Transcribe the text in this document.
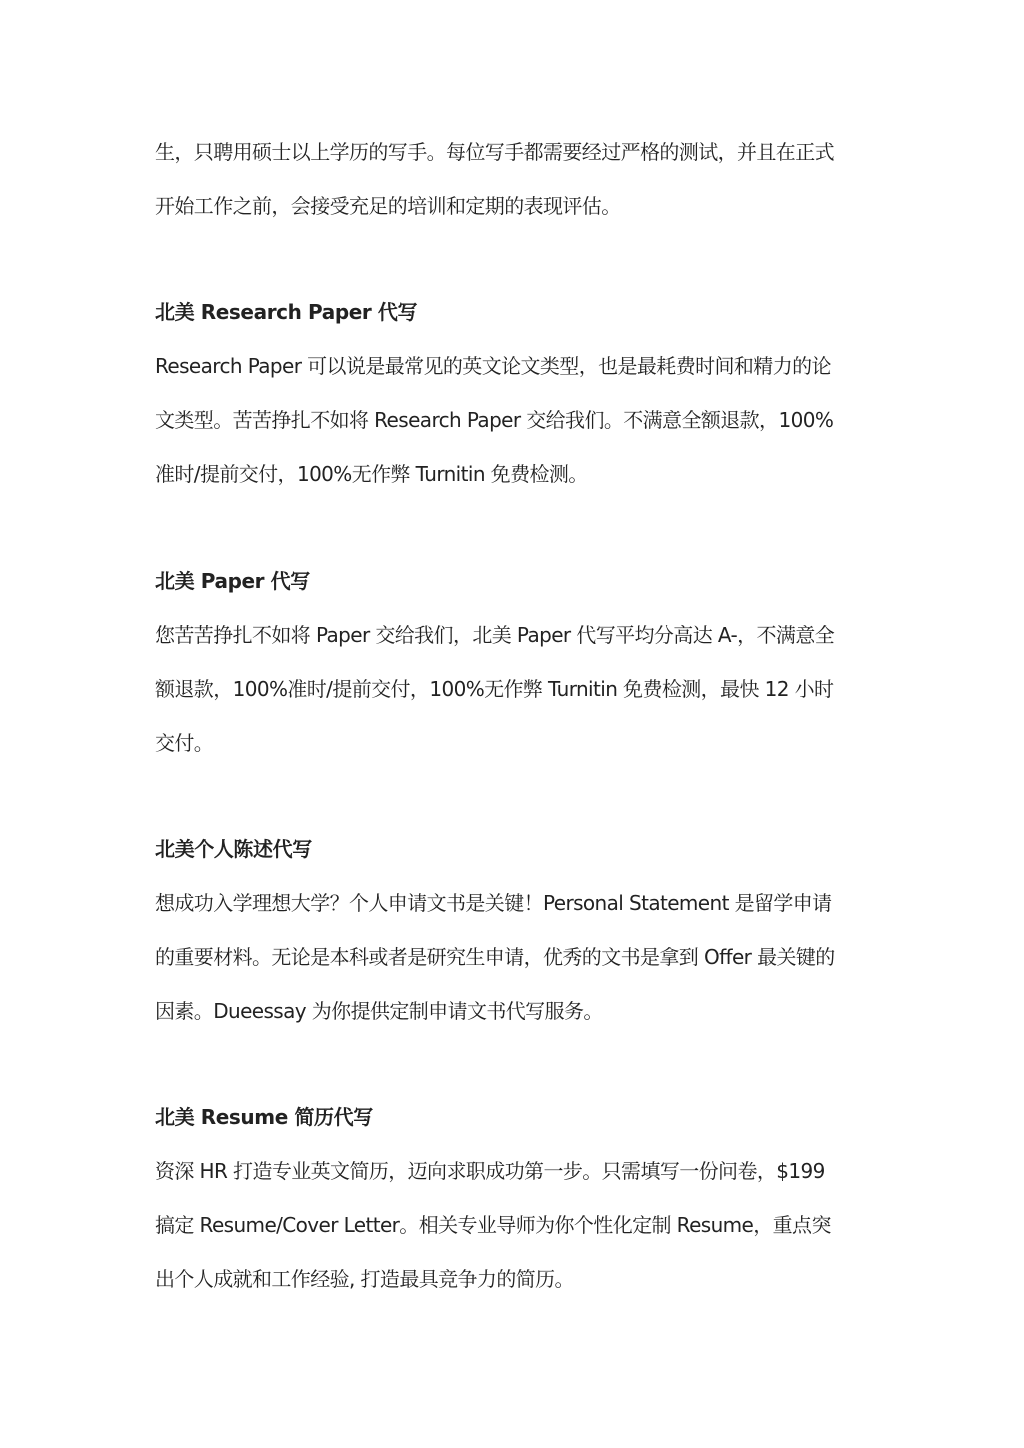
生，只聘用硕士以上学历的写手。每位写手都需要经过严格的测试，并且在正式
开始工作之前，会接受充足的培训和定期的表现评估。
北美 Research Paper 代写
Research Paper 可以说是最常见的英文论文类型，也是最耗费时间和精力的论
文类型。苦苦挣扎不如将 Research Paper 交给我们。不满意全额退款，100%
准时/提前交付，100%无作弊 Turnitin 免费检测。
北美 Paper 代写
您苦苦挣扎不如将 Paper 交给我们，北美 Paper 代写平均分高达 A-，不满意全
额退款，100%准时/提前交付，100%无作弊 Turnitin 免费检测，最快 12 小时
交付。
北美个人陈述代写
想成功入学理想大学？个人申请文书是关键！Personal Statement 是留学申请
的重要材料。无论是本科或者是研究生申请，优秀的文书是拿到 Offer 最关键的
因素。Dueessay 为你提供定制申请文书代写服务。
北美 Resume 简历代写
资深 HR 打造专业英文简历，迈向求职成功第一步。只需填写一份问卷，$199
搞定 Resume/Cover Letter。相关专业导师为你个性化定制 Resume，重点突
出个人成就和工作经验, 打造最具竞争力的简历。
